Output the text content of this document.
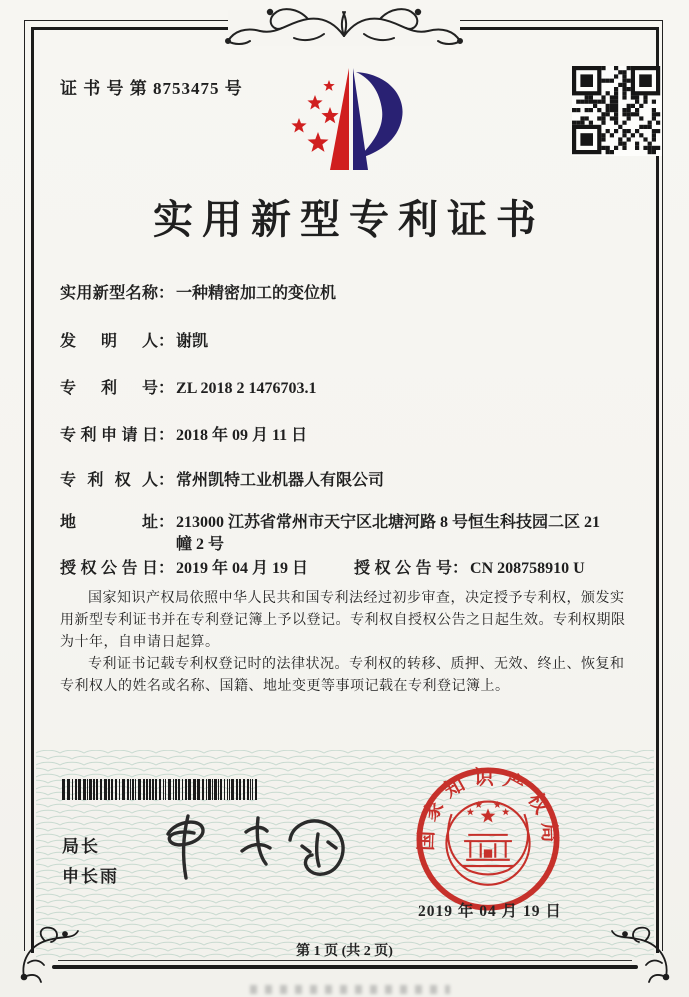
证 书 号 第 8753475 号
实用新型专利证书
实用新型名称 ： 一种精密加工的变位机
发明人 ： 谢凯
专利号 ： ZL 2018 2 1476703.1
专利申请日 ： 2018 年 09 月 11 日
专利权人 ： 常州凯特工业机器人有限公司
地址 ： 213000 江苏省常州市天宁区北塘河路 8 号恒生科技园二区 21 幢 2 号
授权公告日 ： 2019 年 04 月 19 日	授权公告号 ： CN 208758910 U

国家知识产权局依照中华人民共和国专利法经过初步审查，决定授予专利权，颁发实用新型专利证书并在专利登记簿上予以登记。专利权自授权公告之日起生效。专利权期限为十年，自申请日起算。

专利证书记载专利权登记时的法律状况。专利权的转移、质押、无效、终止、恢复和专利权人的姓名或名称、国籍、地址变更等事项记载在专利登记簿上。

国家知识产权局
2019 年 04 月 19 日
局长
申长雨
第 1 页 (共 2 页)
